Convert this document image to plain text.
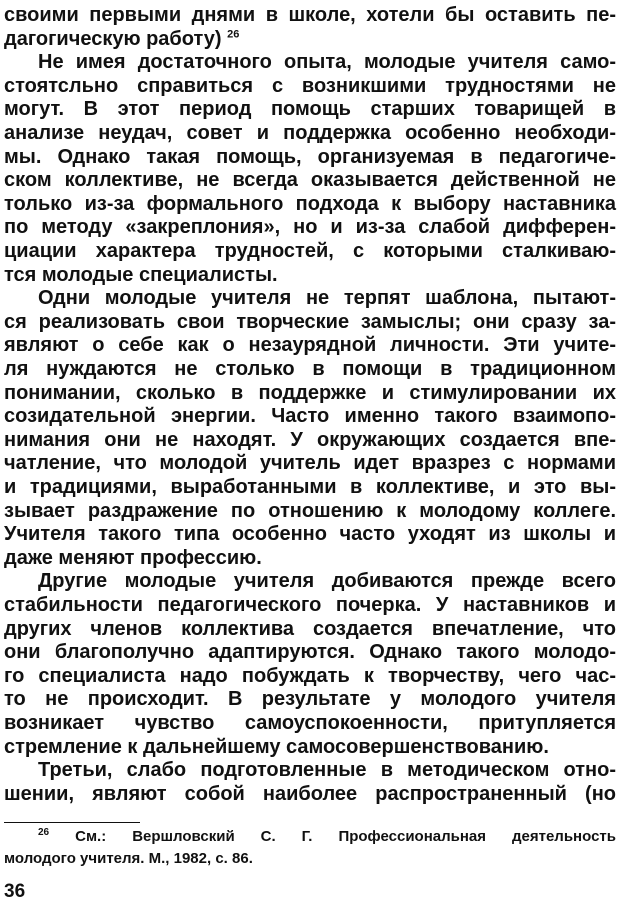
своими первыми днями в школе, хотели бы оставить пе-
дагогическую работу) $^{26}$
Не имея достаточного опыта, молодые учителя само-
стоятсльно справиться с возникшими трудностями не
могут. В этот период помощь старших товарищей в
анализе неудач, совет и поддержка особенно необходи-
мы. Однако такая помощь, организуемая в педагогиче-
ском коллективе, не всегда оказывается действенной не
только из-за формального подхода к выбору наставника
по методу «закреплония», но и из-за слабой дифферен-
циации характера трудностей, с которыми сталкиваю-
тся молодые специалисты.
Одни молодые учителя не терпят шаблона, пытают-
ся реализовать свои творческие замыслы; они сразу за-
являют о себе как о незаурядной личности. Эти учите-
ля нуждаются не столько в помощи в традиционном
понимании, сколько в поддержке и стимулировании их
созидательной энергии. Часто именно такого взаимопо-
нимания они не находят. У окружающих создается впе-
чатление, что молодой учитель идет вразрез с нормами
и традициями, выработанными в коллективе, и это вы-
зывает раздражение по отношению к молодому коллеге.
Учителя такого типа особенно часто уходят из школы и
даже меняют профессию.
Другие молодые учителя добиваются прежде всего
стабильности педагогического почерка. У наставников и
других членов коллектива создается впечатление, что
они благополучно адаптируются. Однако такого молодо-
го специалиста надо побуждать к творчеству, чего час-
то не происходит. В результате у молодого учителя
возникает чувство самоуспокоенности, притупляется
стремление к дальнейшему самосовершенствованию.
Третьи, слабо подготовленные в методическом отно-
шении, являют собой наиболее распространенный (но
$^{26}$ См.: Вершловский С. Г. Профессиональная деятельность
молодого учителя. М., 1982, с. 86.
36
